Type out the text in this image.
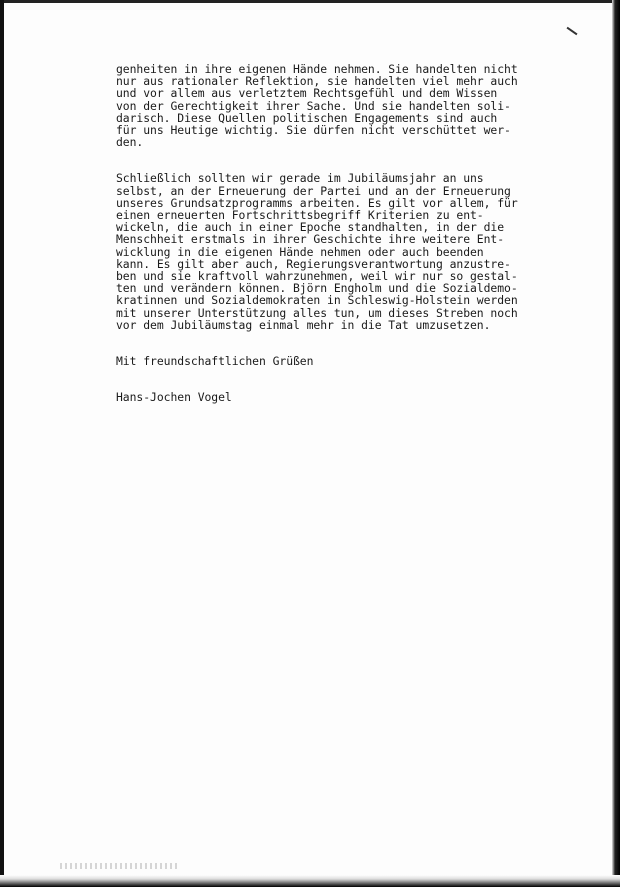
genheiten in ihre eigenen Hände nehmen. Sie handelten nicht
nur aus rationaler Reflektion, sie handelten viel mehr auch
und vor allem aus verletztem Rechtsgefühl und dem Wissen
von der Gerechtigkeit ihrer Sache. Und sie handelten soli-
darisch. Diese Quellen politischen Engagements sind auch
für uns Heutige wichtig. Sie dürfen nicht verschüttet wer-
den.
Schließlich sollten wir gerade im Jubiläumsjahr an uns
selbst, an der Erneuerung der Partei und an der Erneuerung
unseres Grundsatzprogramms arbeiten. Es gilt vor allem, für
einen erneuerten Fortschrittsbegriff Kriterien zu ent-
wickeln, die auch in einer Epoche standhalten, in der die
Menschheit erstmals in ihrer Geschichte ihre weitere Ent-
wicklung in die eigenen Hände nehmen oder auch beenden
kann. Es gilt aber auch, Regierungsverantwortung anzustre-
ben und sie kraftvoll wahrzunehmen, weil wir nur so gestal-
ten und verändern können. Björn Engholm und die Sozialdemo-
kratinnen und Sozialdemokraten in Schleswig-Holstein werden
mit unserer Unterstützung alles tun, um dieses Streben noch
vor dem Jubiläumstag einmal mehr in die Tat umzusetzen.
Mit freundschaftlichen Grüßen
Hans-Jochen Vogel
